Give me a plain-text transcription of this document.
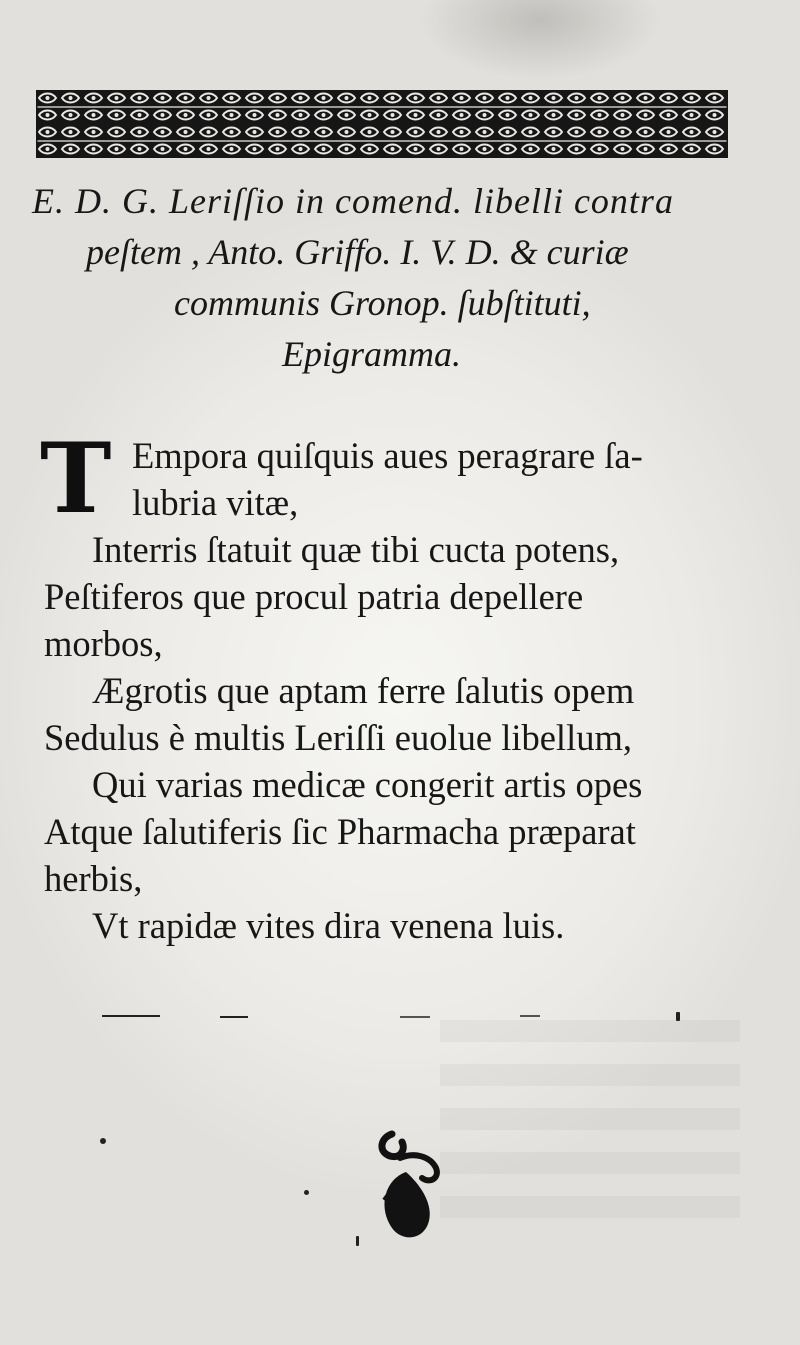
E. D. G. Leriſſio in comend. libelli contra
peſtem , Anto. Griffo. I. V. D. & curiæ
communis Gronop. ſubſtituti,
Epigramma.
T Empora quiſquis aues peragrare ſa-
lubria vitæ,
Interris ſtatuit quæ tibi cucta potens,
Peſtiferos que procul patria depellere
morbos,
Ægrotis que aptam ferre ſalutis opem
Sedulus è multis Leriſſi euolue libellum,
Qui varias medicæ congerit artis opes
Atque ſalutiferis ſic Pharmacha præparat
herbis,
Vt rapidæ vites dira venena luis.
